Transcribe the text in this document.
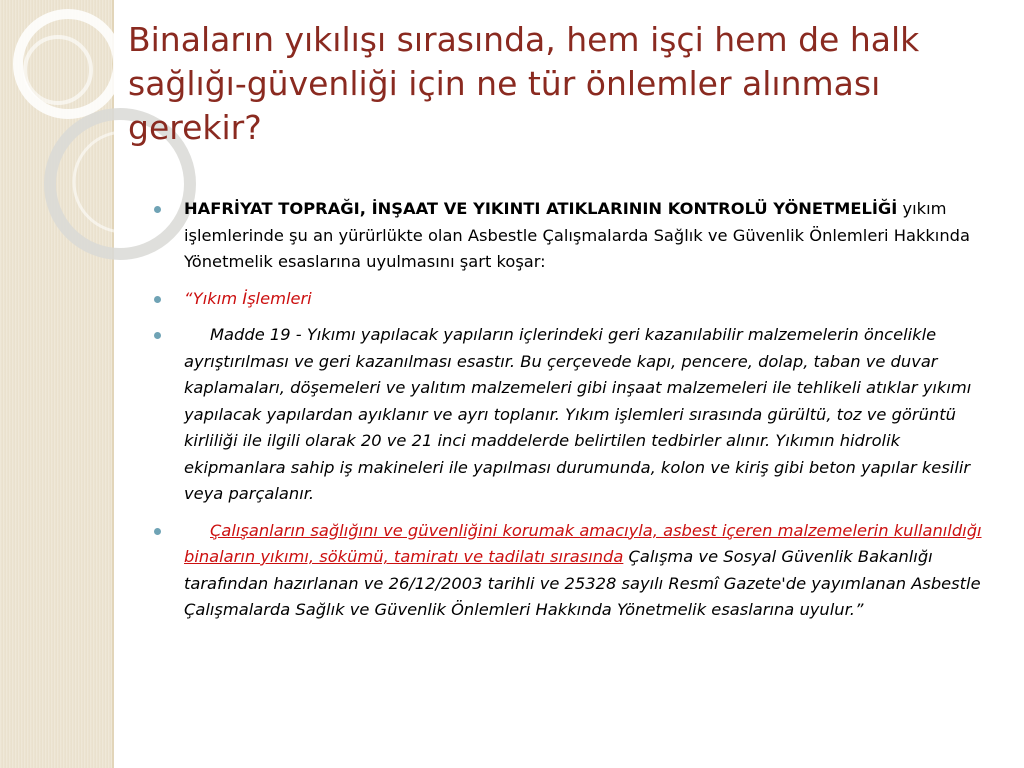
Binaların yıkılışı sırasında, hem işçi hem de halk sağlığı-güvenliği için ne tür önlemler alınması gerekir?
HAFRİYAT TOPRAĞI, İNŞAAT VE YIKINTI ATIKLARININ KONTROLÜ YÖNETMELİĞİ yıkım işlemlerinde şu an yürürlükte olan Asbestle Çalışmalarda Sağlık ve Güvenlik Önlemleri Hakkında Yönetmelik esaslarına uyulmasını şart koşar:
“Yıkım İşlemleri
Madde 19 - Yıkımı yapılacak yapıların içlerindeki geri kazanılabilir malzemelerin öncelikle ayrıştırılması ve geri kazanılması esastır. Bu çerçevede kapı, pencere, dolap, taban ve duvar kaplamaları, döşemeleri ve yalıtım malzemeleri gibi inşaat malzemeleri ile tehlikeli atıklar yıkımı yapılacak yapılardan ayıklanır ve ayrı toplanır. Yıkım işlemleri sırasında gürültü, toz ve görüntü kirliliği ile ilgili olarak 20 ve 21 inci maddelerde belirtilen tedbirler alınır. Yıkımın hidrolik ekipmanlara sahip iş makineleri ile yapılması durumunda, kolon ve kiriş gibi beton yapılar kesilir veya parçalanır.
Çalışanların sağlığını ve güvenliğini korumak amacıyla, asbest içeren malzemelerin kullanıldığı binaların yıkımı, sökümü, tamiratı ve tadilatı sırasında Çalışma ve Sosyal Güvenlik Bakanlığı tarafından hazırlanan ve 26/12/2003 tarihli ve 25328 sayılı Resmî Gazete'de yayımlanan Asbestle Çalışmalarda Sağlık ve Güvenlik Önlemleri Hakkında Yönetmelik esaslarına uyulur.”
